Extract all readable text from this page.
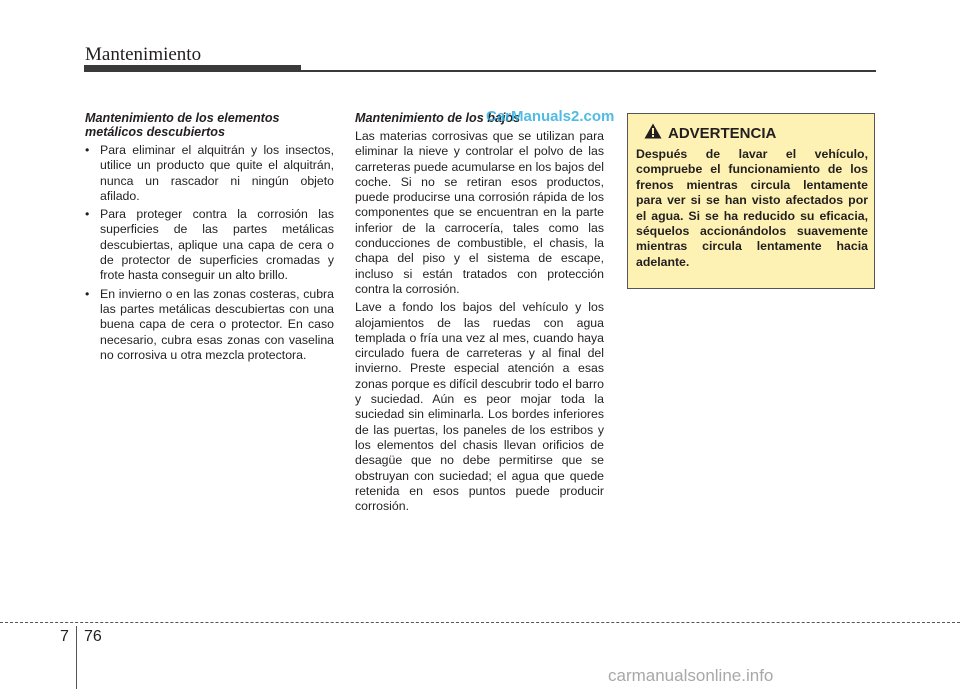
Mantenimiento
Mantenimiento de los elementos metálicos descubiertos
• Para eliminar el alquitrán y los insectos, utilice un producto que quite el alquitrán, nunca un rascador ni ningún objeto afilado.
• Para proteger contra la corrosión las superficies de las partes metálicas descubiertas, aplique una capa de cera o de protector de superficies cromadas y frote hasta conseguir un alto brillo.
• En invierno o en las zonas costeras, cubra las partes metálicas descubiertas con una buena capa de cera o protector. En caso necesario, cubra esas zonas con vaselina no corrosiva u otra mezcla protectora.
Mantenimiento de los bajos

Las materias corrosivas que se utilizan para eliminar la nieve y controlar el polvo de las carreteras puede acumularse en los bajos del coche. Si no se retiran esos productos, puede producirse una corrosión rápida de los componentes que se encuentran en la parte inferior de la carrocería, tales como las conducciones de combustible, el chasis, la chapa del piso y el sistema de escape, incluso si están tratados con protección contra la corrosión.

Lave a fondo los bajos del vehículo y los alojamientos de las ruedas con agua templada o fría una vez al mes, cuando haya circulado fuera de carreteras y al final del invierno. Preste especial atención a esas zonas porque es difícil descubrir todo el barro y suciedad. Aún es peor mojar toda la suciedad sin eliminarla. Los bordes inferiores de las puertas, los paneles de los estribos y los elementos del chasis llevan orificios de desagüe que no debe permitirse que se obstruyan con suciedad; el agua que quede retenida en esos puntos puede producir corrosión.

CarManuals2.com
ADVERTENCIA
Después de lavar el vehículo, compruebe el funcionamiento de los frenos mientras circula lentamente para ver si se han visto afectados por el agua. Si se ha reducido su eficacia, séquelos accionándolos suavemente mientras circula lentamente hacia adelante.
7 76
carmanualsonline.info
